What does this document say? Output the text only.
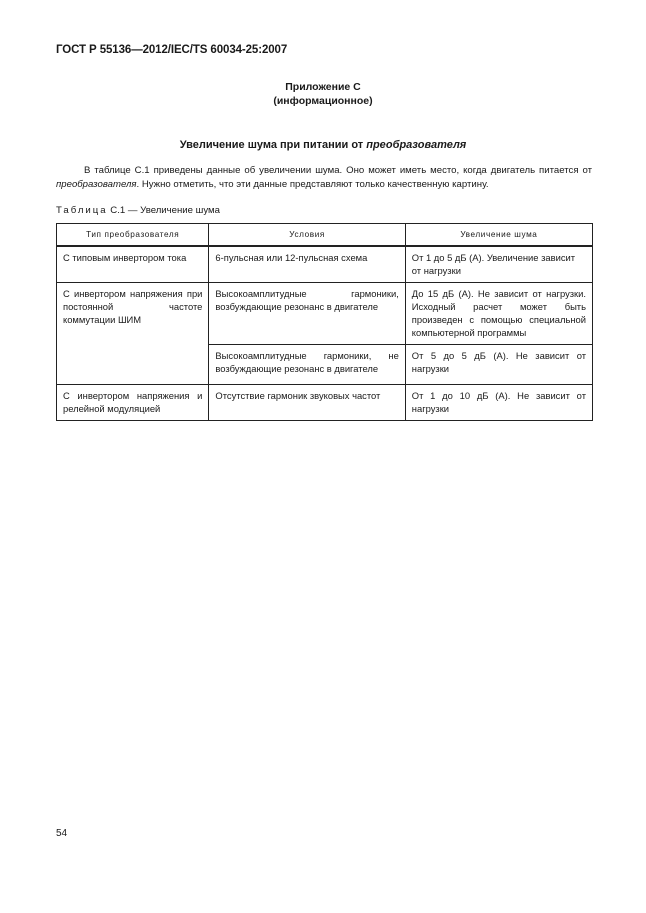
ГОСТ Р 55136—2012/IEC/TS 60034-25:2007
Приложение С
(информационное)
Увеличение шума при питании от преобразователя
В таблице С.1 приведены данные об увеличении шума. Оно может иметь место, когда двигатель питается от преобразователя. Нужно отметить, что эти данные представляют только качественную картину.
Таблица С.1 — Увеличение шума
Тип преобразователя	Условия	Увеличение шума
С типовым инвертором тока	6-пульсная или 12-пульсная схема	От 1 до 5 дБ (А). Увеличение зависит от нагрузки
С инвертором напряжения при постоянной частоте коммутации ШИМ	Высокоамплитудные гармоники, возбуждающие резонанс в двигателе	До 15 дБ (А). Не зависит от нагрузки. Исходный расчет может быть произведен с помощью специальной компьютерной программы
	Высокоамплитудные гармоники, не возбуждающие резонанс в двигателе	От 5 до 5 дБ (А). Не зависит от нагрузки
С инвертором напряжения и релейной модуляцией	Отсутствие гармоник звуковых частот	От 1 до 10 дБ (А). Не зависит от нагрузки
54
